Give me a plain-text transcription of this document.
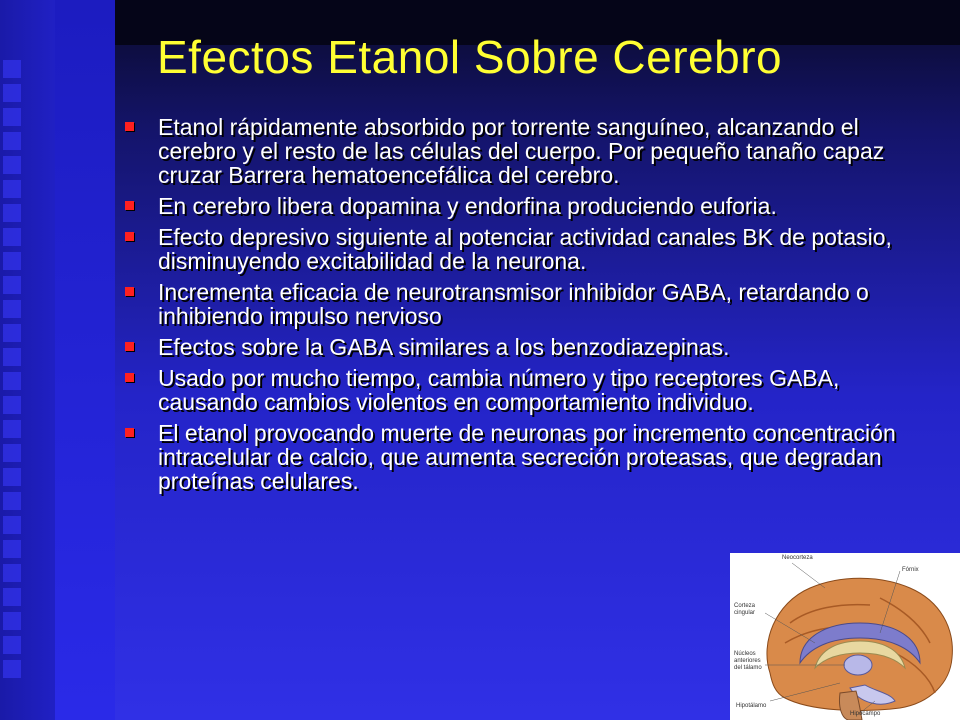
Efectos Etanol Sobre Cerebro
Etanol rápidamente absorbido por torrente sanguíneo, alcanzando el cerebro y el resto de las células del cuerpo. Por pequeño tanaño capaz cruzar Barrera hematoencefálica del cerebro.
En cerebro libera dopamina y endorfina produciendo euforia.
Efecto depresivo siguiente al potenciar actividad canales BK de potasio, disminuyendo excitabilidad de la neurona.
Incrementa eficacia de neurotransmisor inhibidor GABA, retardando o inhibiendo impulso nervioso
Efectos sobre la GABA similares a los benzodiazepinas.
Usado por mucho tiempo, cambia número y tipo receptores GABA, causando cambios violentos en comportamiento individuo.
El etanol provocando muerte de neuronas por incremento concentración intracelular de calcio, que aumenta secreción proteasas, que degradan proteínas celulares.
Neocorteza
Fórnix
Corteza cingular
Núcleos anteriores del tálamo
Hipotálamo
Hipocampo
